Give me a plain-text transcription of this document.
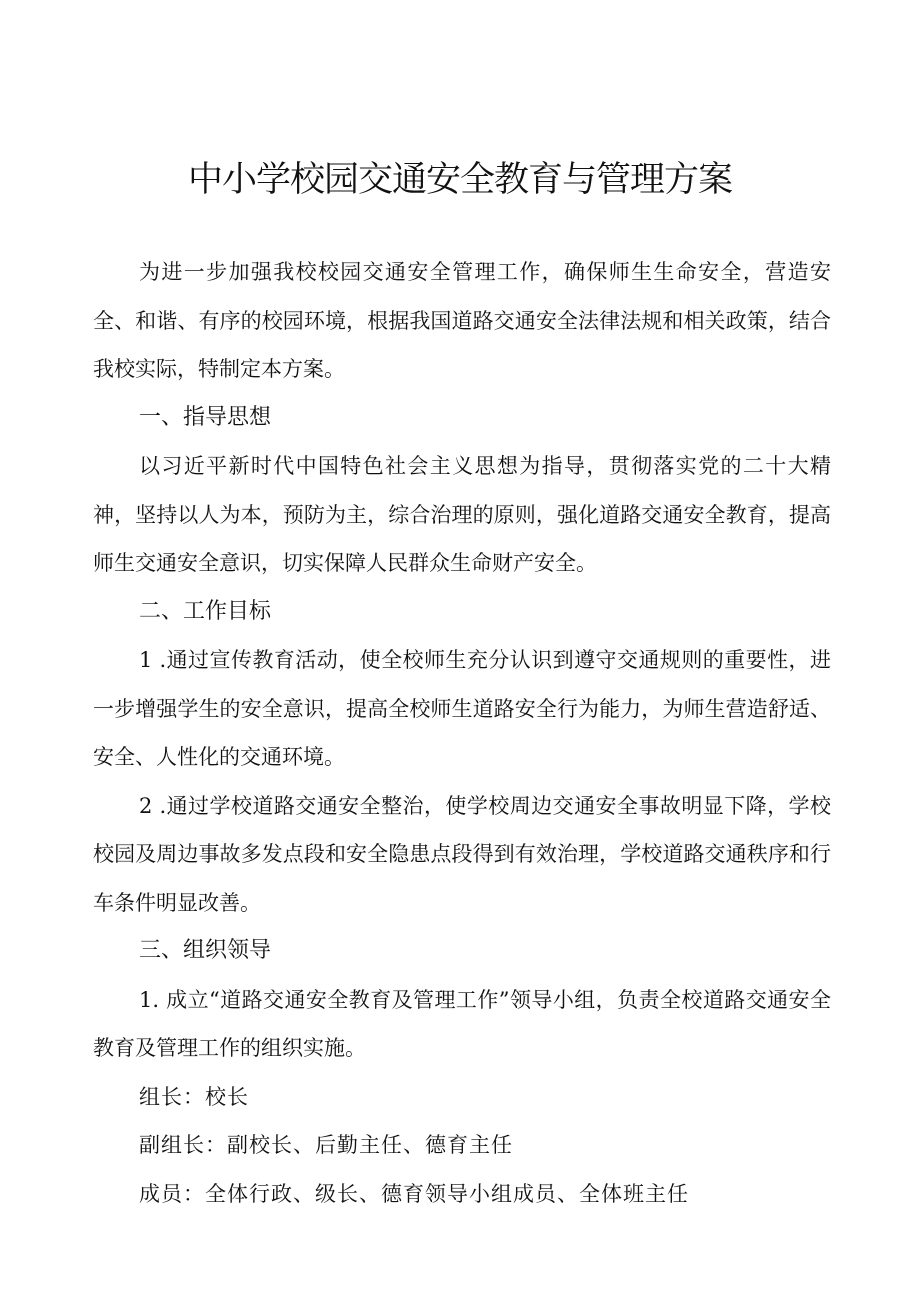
中小学校园交通安全教育与管理方案

为进一步加强我校校园交通安全管理工作，确保师生生命安全，营造安全、和谐、有序的校园环境，根据我国道路交通安全法律法规和相关政策，结合我校实际，特制定本方案。

一、指导思想

以习近平新时代中国特色社会主义思想为指导，贯彻落实党的二十大精神，坚持以人为本，预防为主，综合治理的原则，强化道路交通安全教育，提高师生交通安全意识，切实保障人民群众生命财产安全。

二、工作目标

1 .通过宣传教育活动，使全校师生充分认识到遵守交通规则的重要性，进一步增强学生的安全意识，提高全校师生道路安全行为能力，为师生营造舒适、安全、人性化的交通环境。

2 .通过学校道路交通安全整治，使学校周边交通安全事故明显下降，学校校园及周边事故多发点段和安全隐患点段得到有效治理，学校道路交通秩序和行车条件明显改善。

三、组织领导

1. 成立“道路交通安全教育及管理工作”领导小组，负责全校道路交通安全教育及管理工作的组织实施。

组长：校长

副组长：副校长、后勤主任、德育主任

成员：全体行政、级长、德育领导小组成员、全体班主任
